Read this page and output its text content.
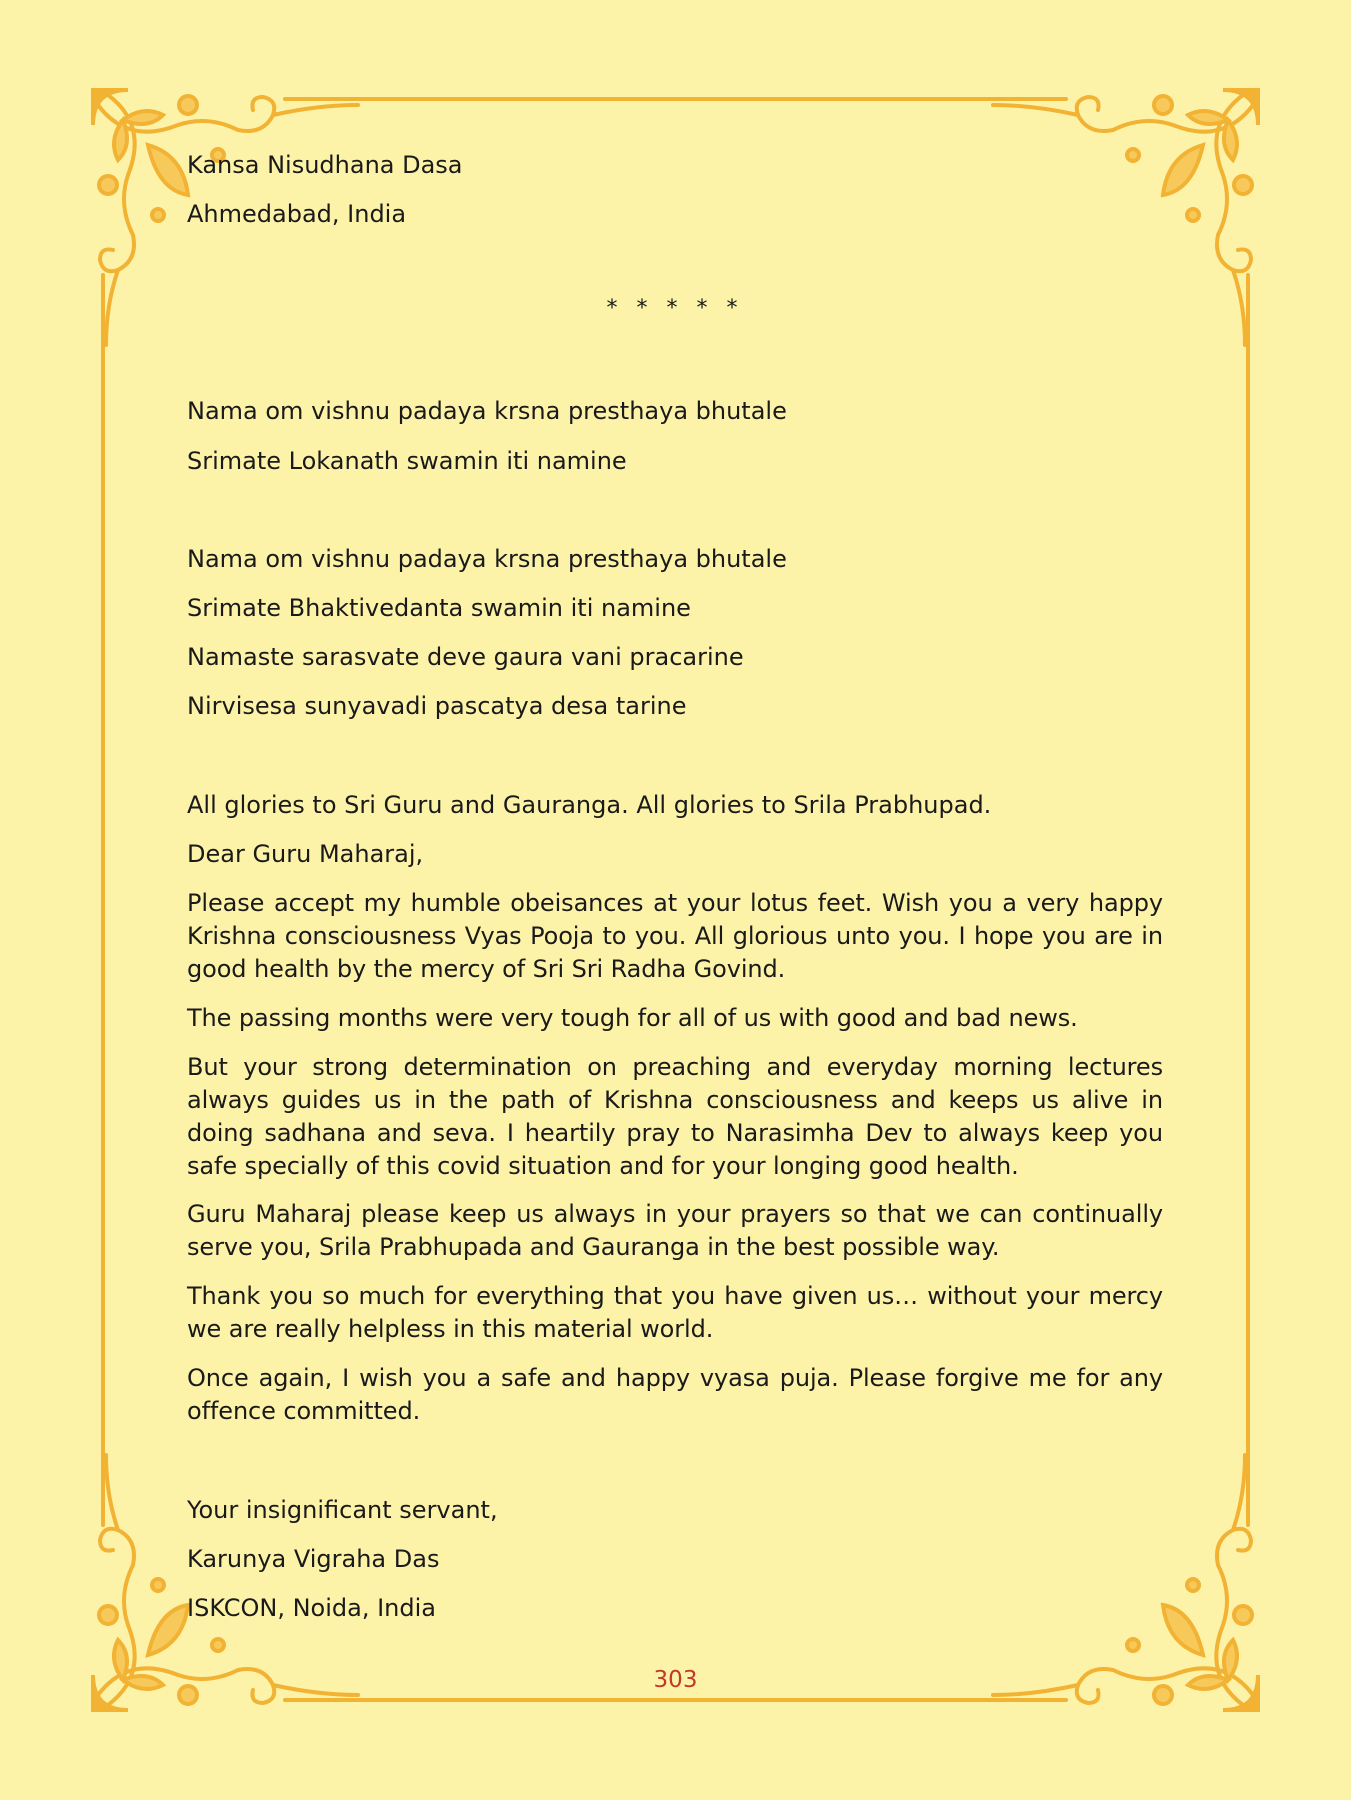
Kansa Nisudhana Dasa
Ahmedabad, India
* * * * *
Nama om vishnu padaya krsna presthaya bhutale
Srimate Lokanath swamin iti namine
Nama om vishnu padaya krsna presthaya bhutale
Srimate Bhaktivedanta swamin iti namine
Namaste sarasvate deve gaura vani pracarine
Nirvisesa sunyavadi pascatya desa tarine
All glories to Sri Guru and Gauranga. All glories to Srila Prabhupad.
Dear Guru Maharaj,
Please accept my humble obeisances at your lotus feet. Wish you a very happy Krishna consciousness Vyas Pooja to you. All glorious unto you. I hope you are in good health by the mercy of Sri Sri Radha Govind.
The passing months were very tough for all of us with good and bad news.
But your strong determination on preaching and everyday morning lectures always guides us in the path of Krishna consciousness and keeps us alive in doing sadhana and seva. I heartily pray to Narasimha Dev to always keep you safe specially of this covid situation and for your longing good health.
Guru Maharaj please keep us always in your prayers so that we can continually serve you, Srila Prabhupada and Gauranga in the best possible way.
Thank you so much for everything that you have given us… without your mercy we are really helpless in this material world.
Once again, I wish you a safe and happy vyasa puja. Please forgive me for any offence committed.
Your insignificant servant,
Karunya Vigraha Das
ISKCON, Noida, India
303
